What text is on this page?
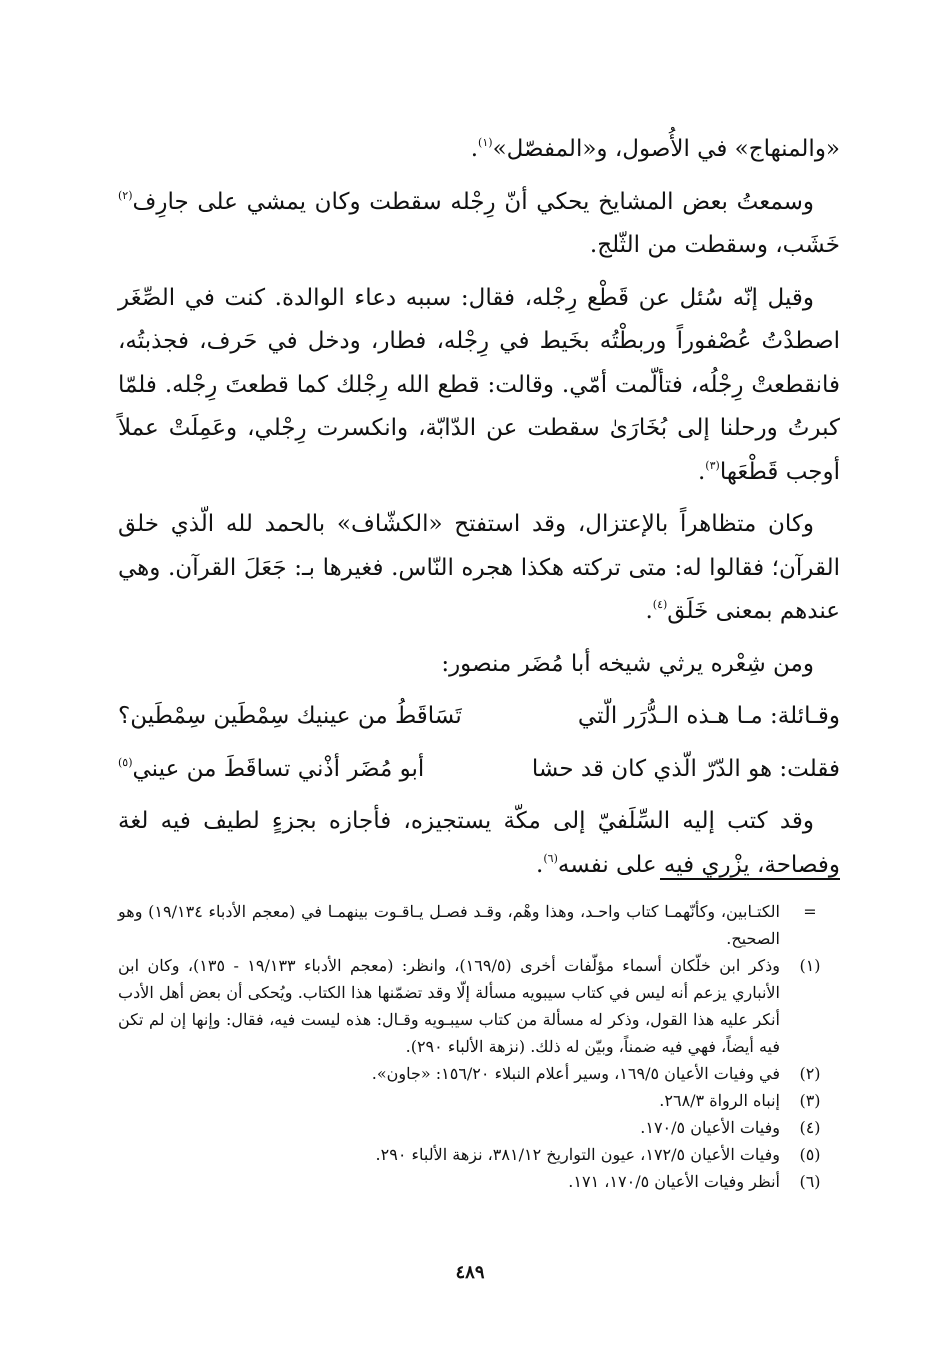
«والمنهاج» في الأُصول، و«المفصّل»$^{(١)}$.

وسمعتُ بعض المشايخ يحكي أنّ رِجْله سقطت وكان يمشي على جارِف$^{(٢)}$ خَشَب، وسقطت من الثّلج.

وقيل إنّه سُئل عن قَطْع رِجْله، فقال: سببه دعاء الوالدة. كنت في الصِّغَر اصطدْتُ عُصْفوراً وربطْتُه بخَيط في رِجْله، فطار، ودخل في حَرف، فجذبتُه، فانقطعتْ رِجْلُه، فتألّمت أمّي. وقالت: قطع الله رِجْلك كما قطعتَ رِجْله. فلمّا كبرتُ ورحلنا إلى بُخَارَىٰ سقطت عن الدّابّة، وانكسرت رِجْلي، وعَمِلَتْ عملاً أوجب قَطْعَها$^{(٣)}$.

وكان متظاهراً بالإعتزال، وقد استفتح «الكشّاف» بالحمد لله الّذي خلق القرآن؛ فقالوا له: متى تركته هكذا هجره النّاس. فغيرها بـ: جَعَلَ القرآن. وهي عندهم بمعنى خَلَق$^{(٤)}$.

ومن شِعْره يرثي شيخه أبا مُضَر منصور:

وقـائلة: مـا هـذه الـدُّرَر الّتي
تَسَاقَطُ من عينيك سِمْطَين سِمْطَين؟
فقلت: هو الدّرّ الّذي كان قد حشا
أبو مُضَر أذْني تساقَطَ من عيني$^{(٥)}$

وقد كتب إليه السِّلَفيّ إلى مكّة يستجيزه، فأجازه بجزءٍ لطيف فيه لغة وفصاحة، يزْري فيه على نفسه$^{(٦)}$.

=
الكتـابين، وكأنّهمـا كتاب واحـد، وهذا وهْم، وقـد فصـل يـاقـوت بينهمـا في (معجم الأدباء ١٩/١٣٤) وهو الصحيح.
(١)
وذكر ابن خلّكان أسماء مؤلّفات أخرى (١٦٩/٥)، وانظر: (معجم الأدباء ١٩/١٣٣ - ١٣٥)، وكان ابن الأنباري يزعم أنه ليس في كتاب سيبويه مسألة إلّا وقد تضمّنها هذا الكتاب. ويُحكى أن بعض أهل الأدب أنكر عليه هذا القول، وذكر له مسألة من كتاب سيبـويه وقـال: هذه ليست فيه، فقال: وإنها إن لم تكن فيه أيضاً، فهي فيه ضمناً، وبيّن له ذلك. (نزهة الألباء ٢٩٠).
(٢)
في وفيات الأعيان ١٦٩/٥، وسير أعلام النبلاء ١٥٦/٢٠: «جاون».
(٣)
إنباه الرواة ٢٦٨/٣.
(٤)
وفيات الأعيان ١٧٠/٥.
(٥)
وفيات الأعيان ١٧٢/٥، عيون التواريخ ٣٨١/١٢، نزهة الألباء ٢٩٠.
(٦)
أنظر وفيات الأعيان ١٧٠/٥، ١٧١.
٤٨٩
